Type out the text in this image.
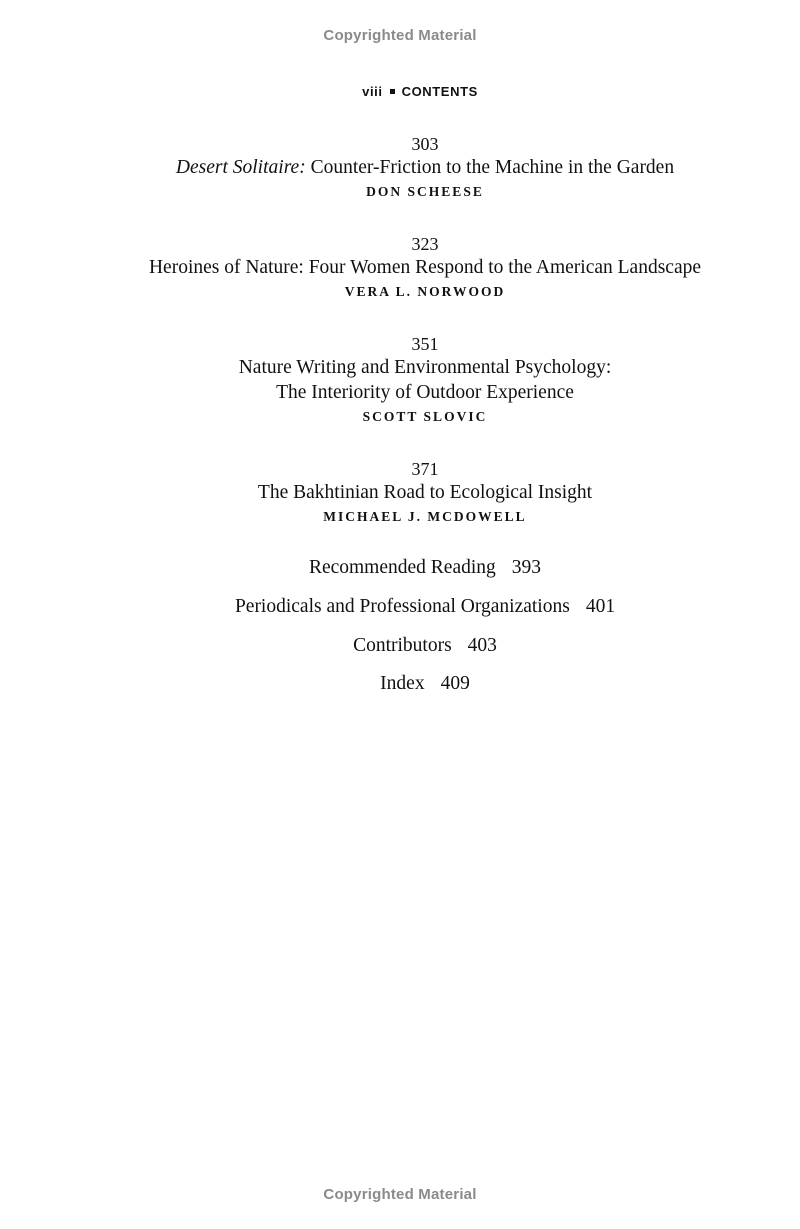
Copyrighted Material
viii CONTENTS
303
Desert Solitaire: Counter-Friction to the Machine in the Garden
DON SCHEESE
323
Heroines of Nature: Four Women Respond to the American Landscape
VERA L. NORWOOD
351
Nature Writing and Environmental Psychology:
The Interiority of Outdoor Experience
SCOTT SLOVIC
371
The Bakhtinian Road to Ecological Insight
MICHAEL J. MCDOWELL
Recommended Reading 393
Periodicals and Professional Organizations 401
Contributors 403
Index 409
Copyrighted Material
